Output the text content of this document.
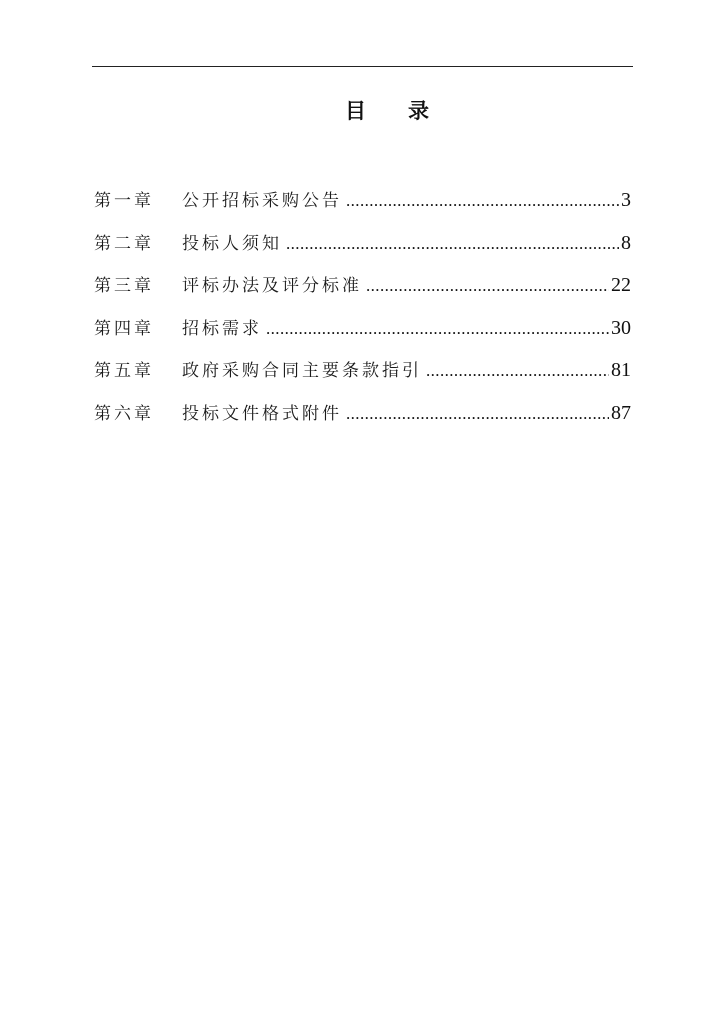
目 录
第一章	公开招标采购公告 .....	3
第二章	投标人须知 .....	8
第三章	评标办法及评分标准 .....	22
第四章	招标需求 .....	30
第五章	政府采购合同主要条款指引 .....	81
第六章	投标文件格式附件 .....	87
